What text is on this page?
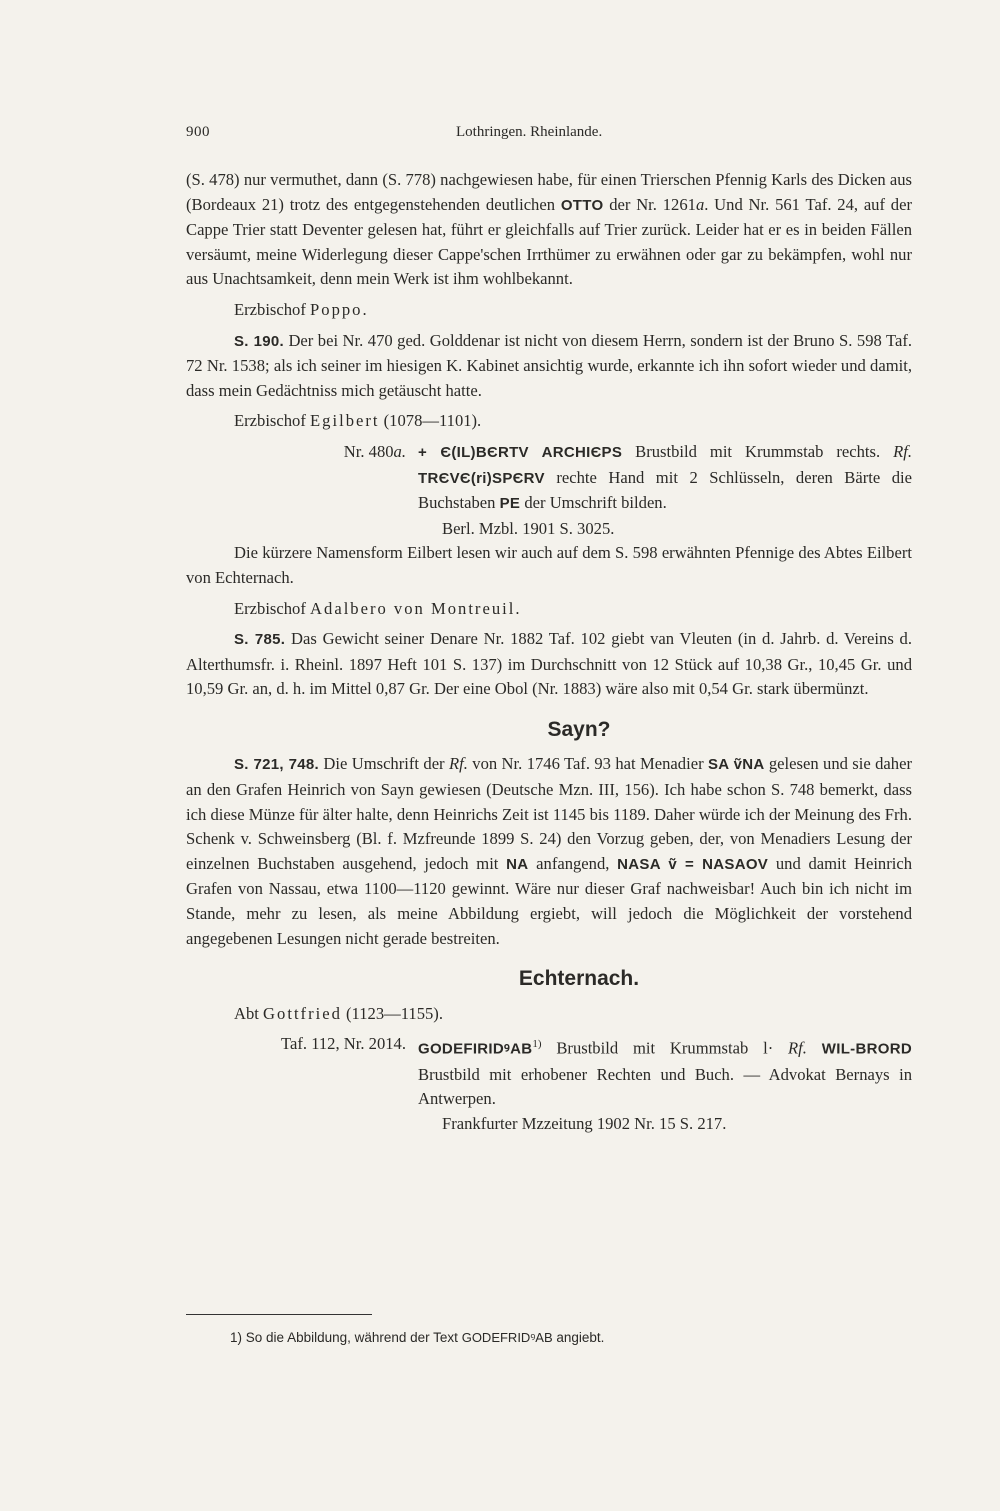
900	Lothringen. Rheinlande.

(S. 478) nur vermuthet, dann (S. 778) nachgewiesen habe, für einen Trierschen Pfennig Karls des Dicken aus (Bordeaux 21) trotz des entgegenstehenden deutlichen OTTO der Nr. 1261a. Und Nr. 561 Taf. 24, auf der Cappe Trier statt Deventer gelesen hat, führt er gleichfalls auf Trier zurück. Leider hat er es in beiden Fällen versäumt, meine Widerlegung dieser Cappe'schen Irrthümer zu erwähnen oder gar zu bekämpfen, wohl nur aus Unachtsamkeit, denn mein Werk ist ihm wohlbekannt.

Erzbischof Poppo.

S. 190. Der bei Nr. 470 ged. Golddenar ist nicht von diesem Herrn, sondern ist der Bruno S. 598 Taf. 72 Nr. 1538; als ich seiner im hiesigen K. Kabinet ansichtig wurde, erkannte ich ihn sofort wieder und damit, dass mein Gedächtniss mich getäuscht hatte.

Erzbischof Egilbert (1078—1101).

Nr. 480a. + Є(IL)BЄRTV ARCHIЄPS Brustbild mit Krummstab rechts. Rf. TRЄVЄ(ri)SPЄRV rechte Hand mit 2 Schlüsseln, deren Bärte die Buchstaben PE der Umschrift bilden.
Berl. Mzbl. 1901 S. 3025.

Die kürzere Namensform Eilbert lesen wir auch auf dem S. 598 erwähnten Pfennige des Abtes Eilbert von Echternach.

Erzbischof Adalbero von Montreuil.

S. 785. Das Gewicht seiner Denare Nr. 1882 Taf. 102 giebt van Vleuten (in d. Jahrb. d. Vereins d. Alterthumsfr. i. Rheinl. 1897 Heft 101 S. 137) im Durchschnitt von 12 Stück auf 10,38 Gr., 10,45 Gr. und 10,59 Gr. an, d. h. im Mittel 0,87 Gr. Der eine Obol (Nr. 1883) wäre also mit 0,54 Gr. stark übermünzt.

Sayn?

S. 721, 748. Die Umschrift der Rf. von Nr. 1746 Taf. 93 hat Menadier SA ṽNA gelesen und sie daher an den Grafen Heinrich von Sayn gewiesen (Deutsche Mzn. III, 156). Ich habe schon S. 748 bemerkt, dass ich diese Münze für älter halte, denn Heinrichs Zeit ist 1145 bis 1189. Daher würde ich der Meinung des Frh. Schenk v. Schweinsberg (Bl. f. Mzfreunde 1899 S. 24) den Vorzug geben, der, von Menadiers Lesung der einzelnen Buchstaben ausgehend, jedoch mit NA anfangend, NASA ṽ = NASAOV und damit Heinrich Grafen von Nassau, etwa 1100—1120 gewinnt. Wäre nur dieser Graf nachweisbar! Auch bin ich nicht im Stande, mehr zu lesen, als meine Abbildung ergiebt, will jedoch die Möglichkeit der vorstehend angegebenen Lesungen nicht gerade bestreiten.

Echternach.

Abt Gottfried (1123—1155).

Taf. 112, Nr. 2014. GODEFIRIDꝰAB$^{1)}$ Brustbild mit Krummstab l· Rf. WIL-BRORD Brustbild mit erhobener Rechten und Buch. — Advokat Bernays in Antwerpen.
Frankfurter Mzzeitung 1902 Nr. 15 S. 217.
1) So die Abbildung, während der Text GODEFRIDꝰAB angiebt.
